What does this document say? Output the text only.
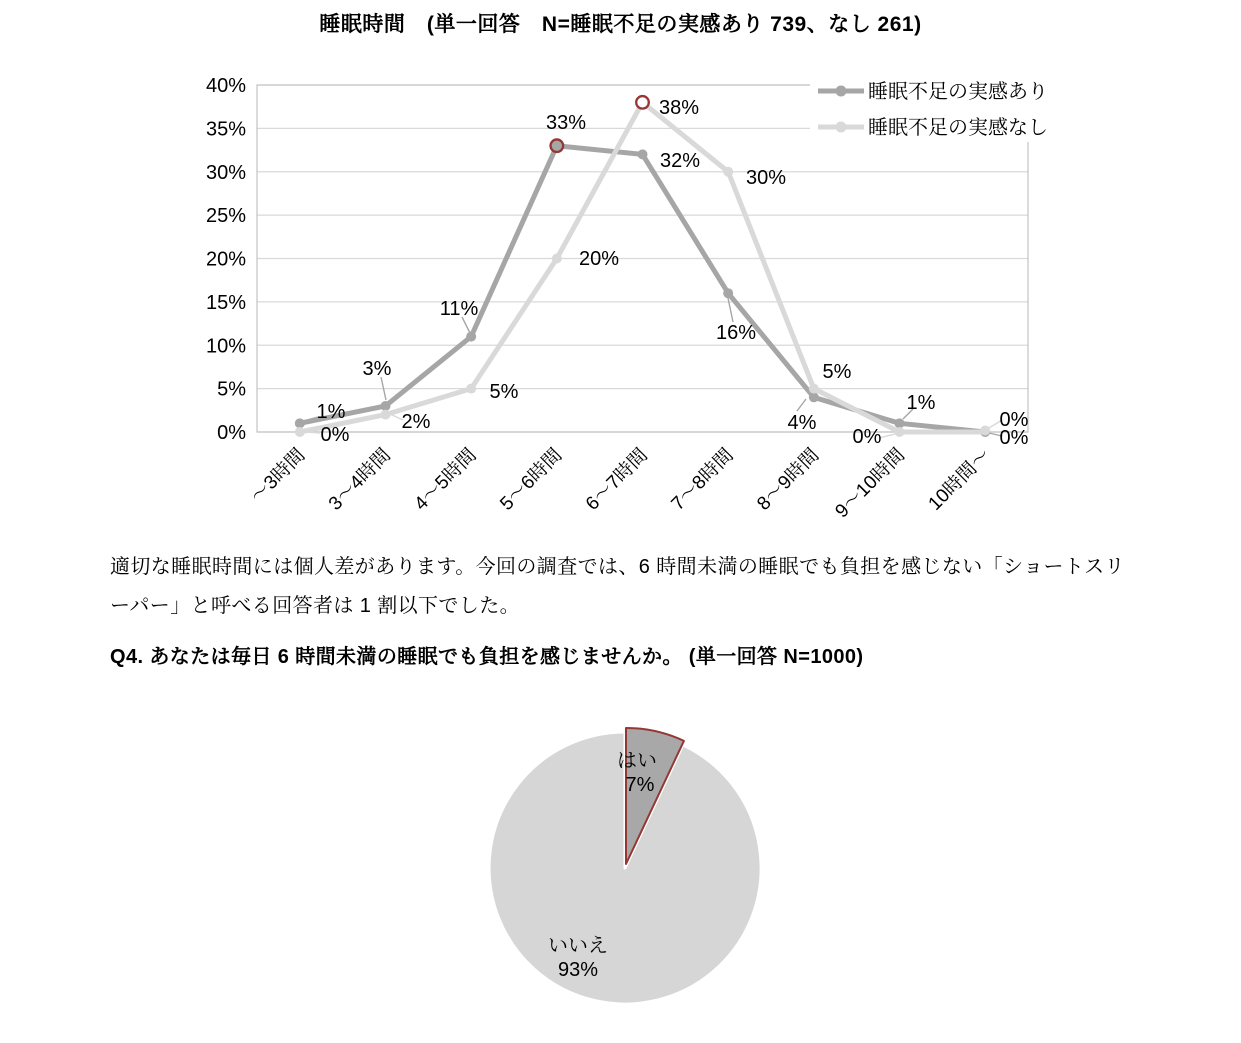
睡眠時間　(単一回答　N=睡眠不足の実感あり 739、なし 261)
0%
5%
10%
15%
20%
25%
30%
35%
40%
～3時間 3～4時間 4～5時間 5～6時間 6～7時間 7～8時間 8～9時間 9～10時間 10時間～
1%
3%
11%
33%
32%
16%
4%
1%
0%
0%
2%
5%
20%
38%
30%
5%
0%
0%
睡眠不足の実感あり
睡眠不足の実感なし
適切な睡眠時間には個人差があります。今回の調査では、6 時間未満の睡眠でも負担を感じない「ショートスリーパー」と呼べる回答者は 1 割以下でした。
Q4. あなたは毎日 6 時間未満の睡眠でも負担を感じませんか。 (単一回答 N=1000)
はい
7%
いいえ
93%
